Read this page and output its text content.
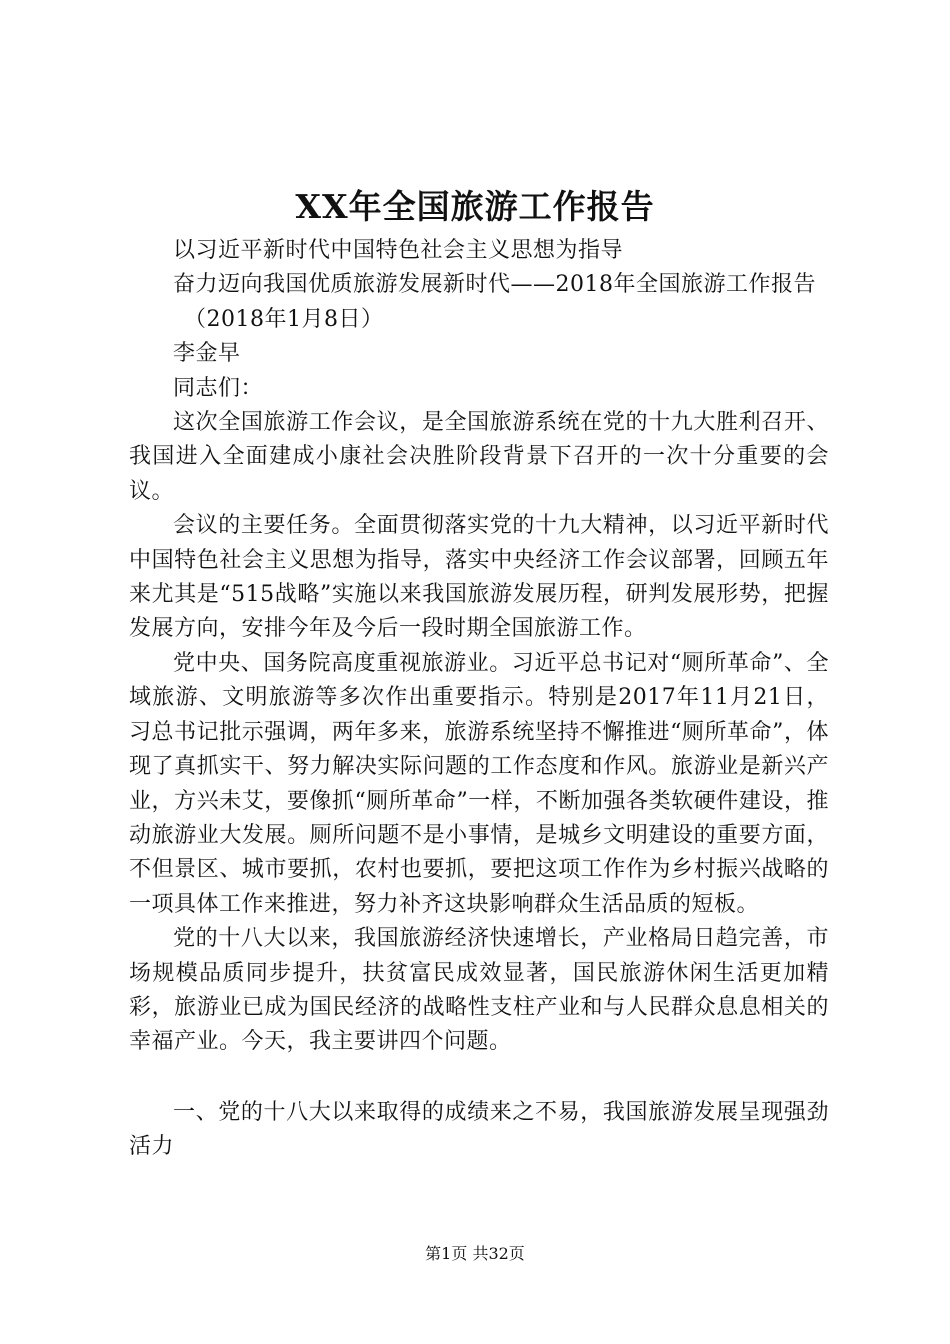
XX年全国旅游工作报告

以习近平新时代中国特色社会主义思想为指导

奋力迈向我国优质旅游发展新时代——2018年全国旅游工作报告

（2018年1月8日）

李金早

同志们：

这次全国旅游工作会议，是全国旅游系统在党的十九大胜利召开、我国进入全面建成小康社会决胜阶段背景下召开的一次十分重要的会议。

会议的主要任务。全面贯彻落实党的十九大精神，以习近平新时代中国特色社会主义思想为指导，落实中央经济工作会议部署，回顾五年来尤其是“515战略”实施以来我国旅游发展历程，研判发展形势，把握发展方向，安排今年及今后一段时期全国旅游工作。

党中央、国务院高度重视旅游业。习近平总书记对“厕所革命”、全域旅游、文明旅游等多次作出重要指示。特别是2017年11月21日，习总书记批示强调，两年多来，旅游系统坚持不懈推进“厕所革命”，体现了真抓实干、努力解决实际问题的工作态度和作风。旅游业是新兴产业，方兴未艾，要像抓“厕所革命”一样，不断加强各类软硬件建设，推动旅游业大发展。厕所问题不是小事情，是城乡文明建设的重要方面，不但景区、城市要抓，农村也要抓，要把这项工作作为乡村振兴战略的一项具体工作来推进，努力补齐这块影响群众生活品质的短板。

党的十八大以来，我国旅游经济快速增长，产业格局日趋完善，市场规模品质同步提升，扶贫富民成效显著，国民旅游休闲生活更加精彩，旅游业已成为国民经济的战略性支柱产业和与人民群众息息相关的幸福产业。今天，我主要讲四个问题。

一、党的十八大以来取得的成绩来之不易，我国旅游发展呈现强劲活力

第1页 共32页
